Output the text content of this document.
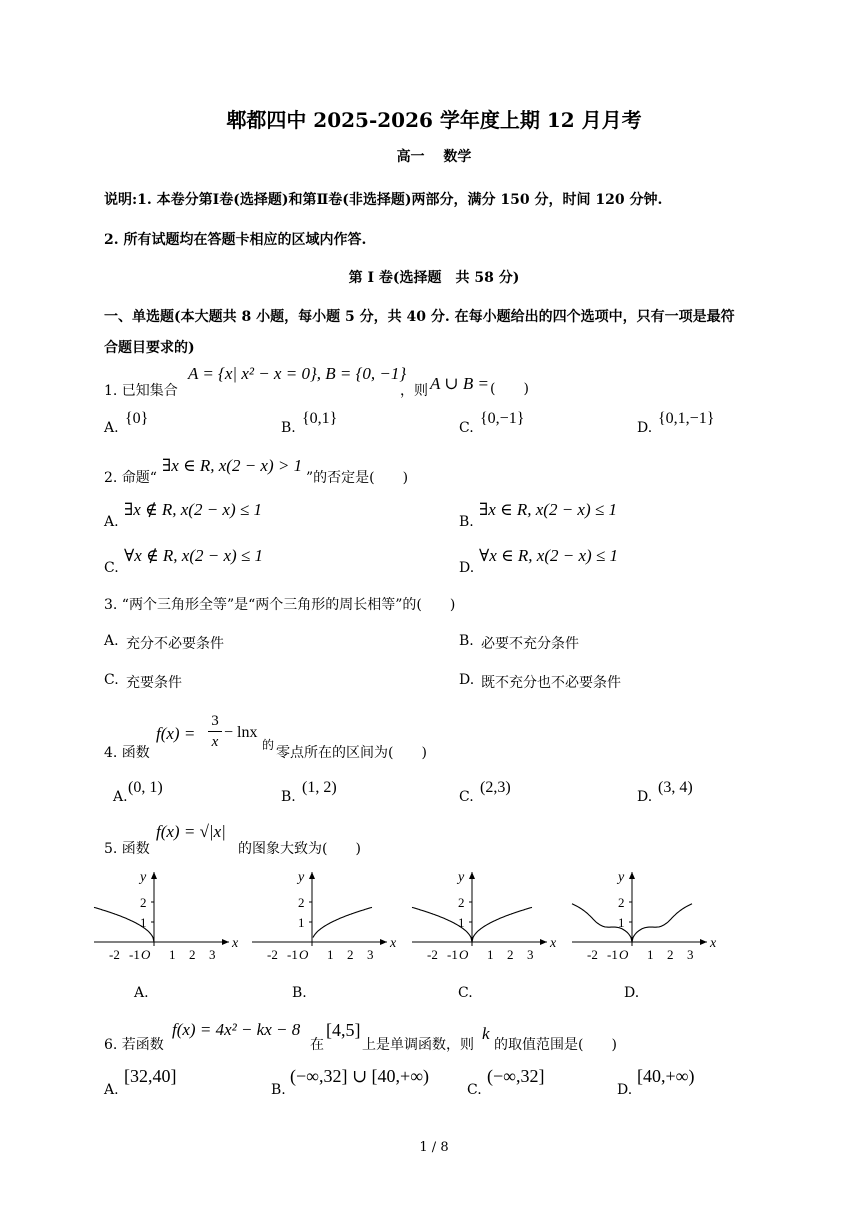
郫都四中 2025-2026 学年度上期 12 月月考
高一　 数学
说明:1. 本卷分第Ⅰ卷(选择题)和第Ⅱ卷(非选择题)两部分，满分 150 分，时间 120 分钟.
2. 所有试题均在答题卡相应的区域内作答.
第 I 卷(选择题　共 58 分)
一、单选题(本大题共 8 小题，每小题 5 分，共 40 分. 在每小题给出的四个选项中，只有一项是最符
合题目要求的)
1. 已知集合
A = {x| x² − x = 0}, B = {0, −1}
，则 A ∪ B = (　　)
A.
{0}
B.
{0,1}
C.
{0,−1}
D.
{0,1,−1}
2. 命题“
∃x ∈ R, x(2 − x) > 1
”的否定是(　　)
A.
∃x ∉ R, x(2 − x) ≤ 1
B.
∃x ∈ R, x(2 − x) ≤ 1
C.
∀x ∉ R, x(2 − x) ≤ 1
D.
∀x ∈ R, x(2 − x) ≤ 1
3. “两个三角形全等”是“两个三角形的周长相等”的(　　)
A. 充分不必要条件	B. 必要不充分条件
C. 充要条件	D. 既不充分也不必要条件
4. 函数
f(x) =
3
x
− lnx
的 零点所在的区间为(　　)
A.
(0, 1)
B.
(1, 2)
C.
(2,3)
D.
(3, 4)
5. 函数
f(x) = √|x|
的图象大致为(　　)
y
x
O
-2 -1 1 2 3
1
2
y
x
O
-2 -1 1 2 3
1
2
y
x
O
-2 -1 1 2 3
1
2
y
x
O
-2 -1 1 2 3
1
2
A.	B.	C.	D.
6. 若函数
f(x) = 4x² − kx − 8
在
[4,5]
上是单调函数，则
k
的取值范围是(　　)
A.
[32,40]
B.
(−∞,32] ∪ [40,+∞)
C.
(−∞,32]
D.
[40,+∞)
1 / 8
